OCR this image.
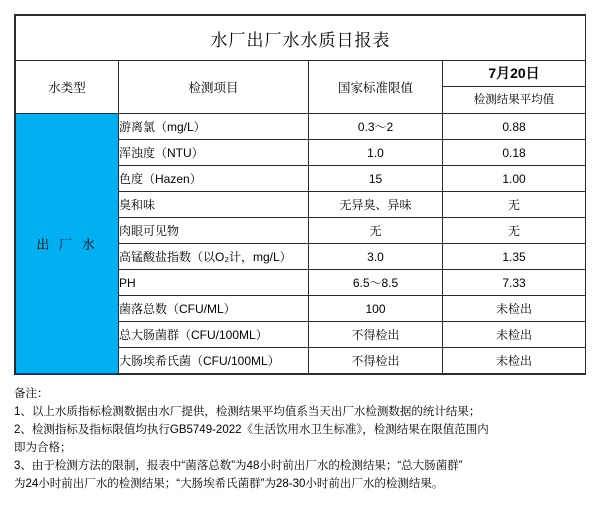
水厂出厂水水质日报表			
水类型	检测项目	国家标准限值	7月20日
检测结果平均值

出 厂 水	游离氯（mg/L）	0.3～2	0.88
	浑浊度（NTU）	1.0	0.18
	色度（Hazen）	15	1.00
	臭和味	无异臭、异味	无
	肉眼可见物	无	无
	高锰酸盐指数（以O₂计，mg/L）	3.0	1.35
	PH	6.5～8.5	7.33
	菌落总数（CFU/ML）	100	未检出
	总大肠菌群（CFU/100ML）	不得检出	未检出
	大肠埃希氏菌（CFU/100ML）	不得检出	未检出
备注：
1、以上水质指标检测数据由水厂提供，检测结果平均值系当天出厂水检测数据的统计结果；
2、检测指标及指标限值均执行GB5749-2022《生活饮用水卫生标准》，检测结果在限值范围内
即为合格；
3、由于检测方法的限制，报表中“菌落总数”为48小时前出厂水的检测结果；“总大肠菌群”
为24小时前出厂水的检测结果；“大肠埃希氏菌群”为28-30小时前出厂水的检测结果。
